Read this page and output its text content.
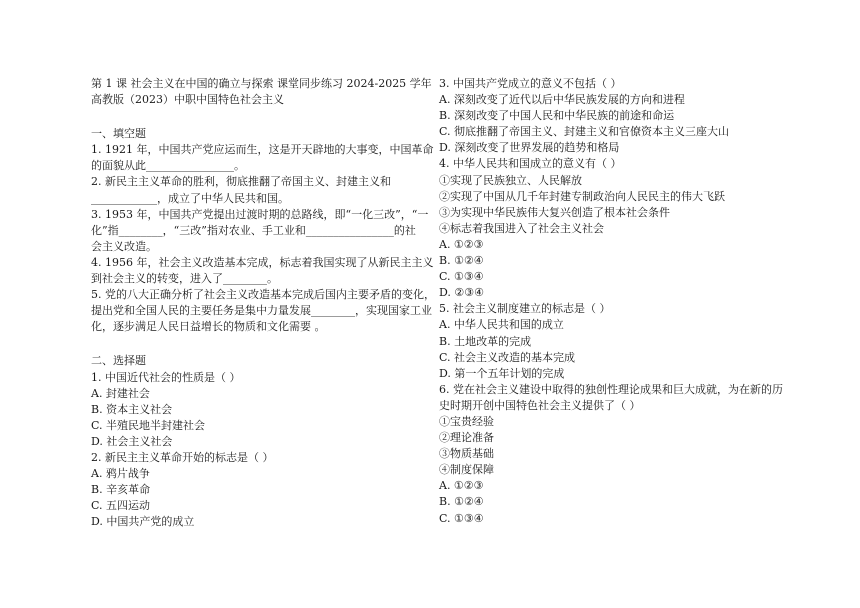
第 1 课 社会主义在中国的确立与探索 课堂同步练习 2024-2025 学年
高教版（2023）中职中国特色社会主义
一、填空题
1. 1921 年，中国共产党应运而生，这是开天辟地的大事变，中国革命
的面貌从此________________。
2. 新民主主义革命的胜利，彻底推翻了帝国主义、封建主义和
____________，成立了中华人民共和国。
3. 1953 年，中国共产党提出过渡时期的总路线，即“一化三改”，“一
化”指________，“三改”指对农业、手工业和________________的社
会主义改造。
4. 1956 年，社会主义改造基本完成，标志着我国实现了从新民主主义
到社会主义的转变，进入了________。
5. 党的八大正确分析了社会主义改造基本完成后国内主要矛盾的变化，
提出党和全国人民的主要任务是集中力量发展________，实现国家工业
化，逐步满足人民日益增长的物质和文化需要 。
二、选择题
1. 中国近代社会的性质是（ ）
A. 封建社会
B. 资本主义社会
C. 半殖民地半封建社会
D. 社会主义社会
2. 新民主主义革命开始的标志是（ ）
A. 鸦片战争
B. 辛亥革命
C. 五四运动
D. 中国共产党的成立
3. 中国共产党成立的意义不包括（ ）
A. 深刻改变了近代以后中华民族发展的方向和进程
B. 深刻改变了中国人民和中华民族的前途和命运
C. 彻底推翻了帝国主义、封建主义和官僚资本主义三座大山
D. 深刻改变了世界发展的趋势和格局
4. 中华人民共和国成立的意义有（ ）
①实现了民族独立、人民解放
②实现了中国从几千年封建专制政治向人民民主的伟大飞跃
③为实现中华民族伟大复兴创造了根本社会条件
④标志着我国进入了社会主义社会
A. ①②③
B. ①②④
C. ①③④
D. ②③④
5. 社会主义制度建立的标志是（ ）
A. 中华人民共和国的成立
B. 土地改革的完成
C. 社会主义改造的基本完成
D. 第一个五年计划的完成
6. 党在社会主义建设中取得的独创性理论成果和巨大成就，为在新的历
史时期开创中国特色社会主义提供了（ ）
①宝贵经验
②理论准备
③物质基础
④制度保障
A. ①②③
B. ①②④
C. ①③④
